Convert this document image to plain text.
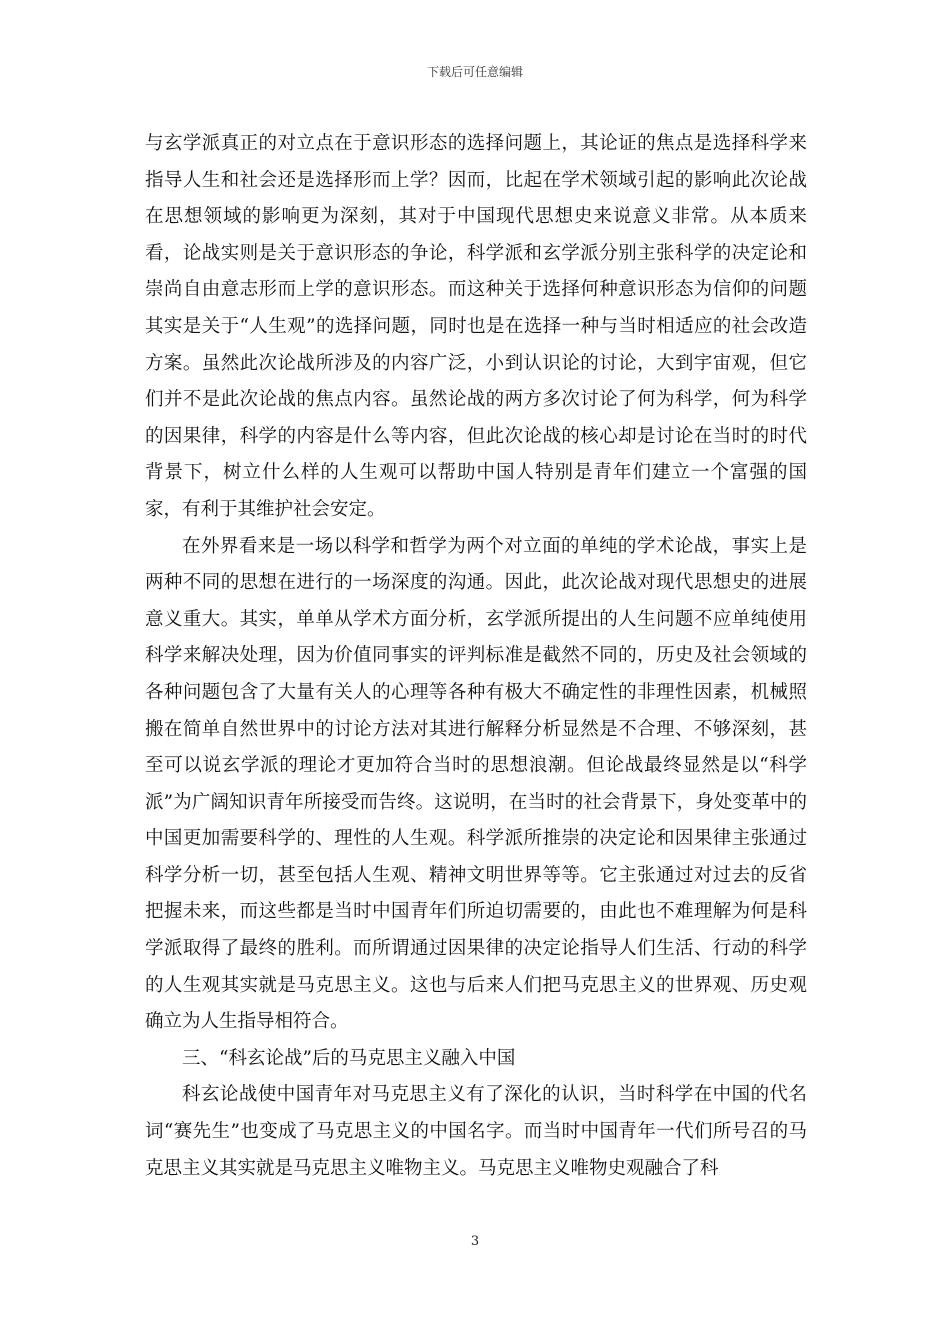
下载后可任意编辑

与玄学派真正的对立点在于意识形态的选择问题上，其论证的焦点是选择科学来指导人生和社会还是选择形而上学？因而，比起在学术领域引起的影响此次论战在思想领域的影响更为深刻，其对于中国现代思想史来说意义非常。从本质来看，论战实则是关于意识形态的争论，科学派和玄学派分别主张科学的决定论和崇尚自由意志形而上学的意识形态。而这种关于选择何种意识形态为信仰的问题其实是关于“人生观”的选择问题，同时也是在选择一种与当时相适应的社会改造方案。虽然此次论战所涉及的内容广泛，小到认识论的讨论，大到宇宙观，但它们并不是此次论战的焦点内容。虽然论战的两方多次讨论了何为科学，何为科学的因果律，科学的内容是什么等内容，但此次论战的核心却是讨论在当时的时代背景下，树立什么样的人生观可以帮助中国人特别是青年们建立一个富强的国家，有利于其维护社会安定。

在外界看来是一场以科学和哲学为两个对立面的单纯的学术论战，事实上是两种不同的思想在进行的一场深度的沟通。因此，此次论战对现代思想史的进展意义重大。其实，单单从学术方面分析，玄学派所提出的人生问题不应单纯使用科学来解决处理，因为价值同事实的评判标准是截然不同的，历史及社会领域的各种问题包含了大量有关人的心理等各种有极大不确定性的非理性因素，机械照搬在简单自然世界中的讨论方法对其进行解释分析显然是不合理、不够深刻，甚至可以说玄学派的理论才更加符合当时的思想浪潮。但论战最终显然是以“科学派”为广阔知识青年所接受而告终。这说明，在当时的社会背景下，身处变革中的中国更加需要科学的、理性的人生观。科学派所推崇的决定论和因果律主张通过科学分析一切，甚至包括人生观、精神文明世界等等。它主张通过对过去的反省把握未来，而这些都是当时中国青年们所迫切需要的，由此也不难理解为何是科学派取得了最终的胜利。而所谓通过因果律的决定论指导人们生活、行动的科学的人生观其实就是马克思主义。这也与后来人们把马克思主义的世界观、历史观确立为人生指导相符合。

三、“科玄论战”后的马克思主义融入中国

科玄论战使中国青年对马克思主义有了深化的认识，当时科学在中国的代名词“赛先生”也变成了马克思主义的中国名字。而当时中国青年一代们所号召的马克思主义其实就是马克思主义唯物主义。马克思主义唯物史观融合了科

3
